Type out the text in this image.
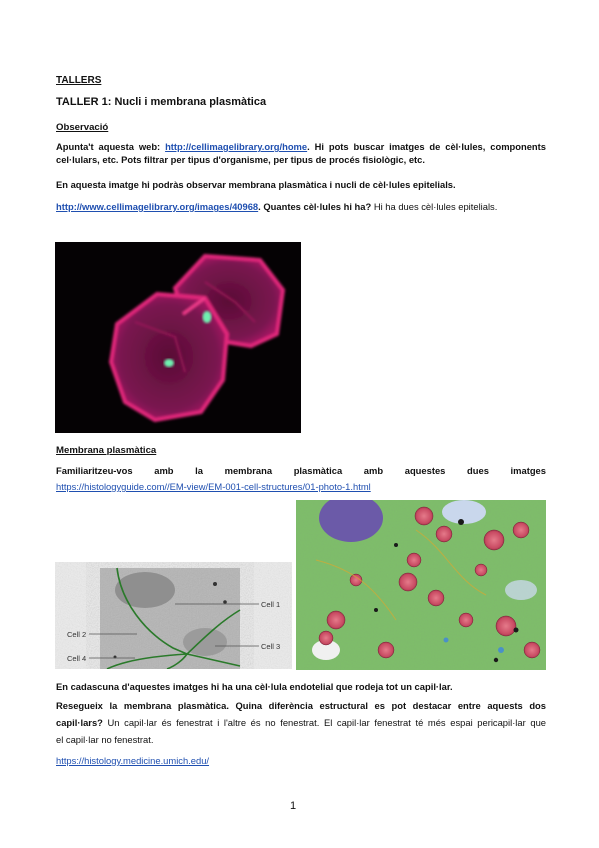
TALLERS
TALLER 1: Nucli i membrana plasmàtica
Observació
Apunta't aquesta web: http://cellimagelibrary.org/home. Hi pots buscar imatges de cèl·lules, components
cel·lulars, etc. Pots filtrar per tipus d'organisme, per tipus de procés fisiològic, etc.
En aquesta imatge hi podràs observar membrana plasmàtica i nucli de cèl·lules epitelials.
http://www.cellimagelibrary.org/images/40968. Quantes cèl·lules hi ha? Hi ha dues cèl·lules epitelials.
Membrana plasmàtica
Familiaritzeu-vos amb la membrana plasmàtica amb aquestes dues imatges
https://histologyguide.com//EM-view/EM-001-cell-structures/01-photo-1.html
Cell 1
Cell 2
Cell 3
Cell 4
En cadascuna d'aquestes imatges hi ha una cèl·lula endotelial que rodeja tot un capil·lar.
Resegueix la membrana plasmàtica. Quina diferència estructural es pot destacar entre aquests dos
capil·lars? Un capil·lar és fenestrat i l'altre és no fenestrat. El capil·lar fenestrat té més espai pericapil·lar que
el capil·lar no fenestrat.
https://histology.medicine.umich.edu/
1
